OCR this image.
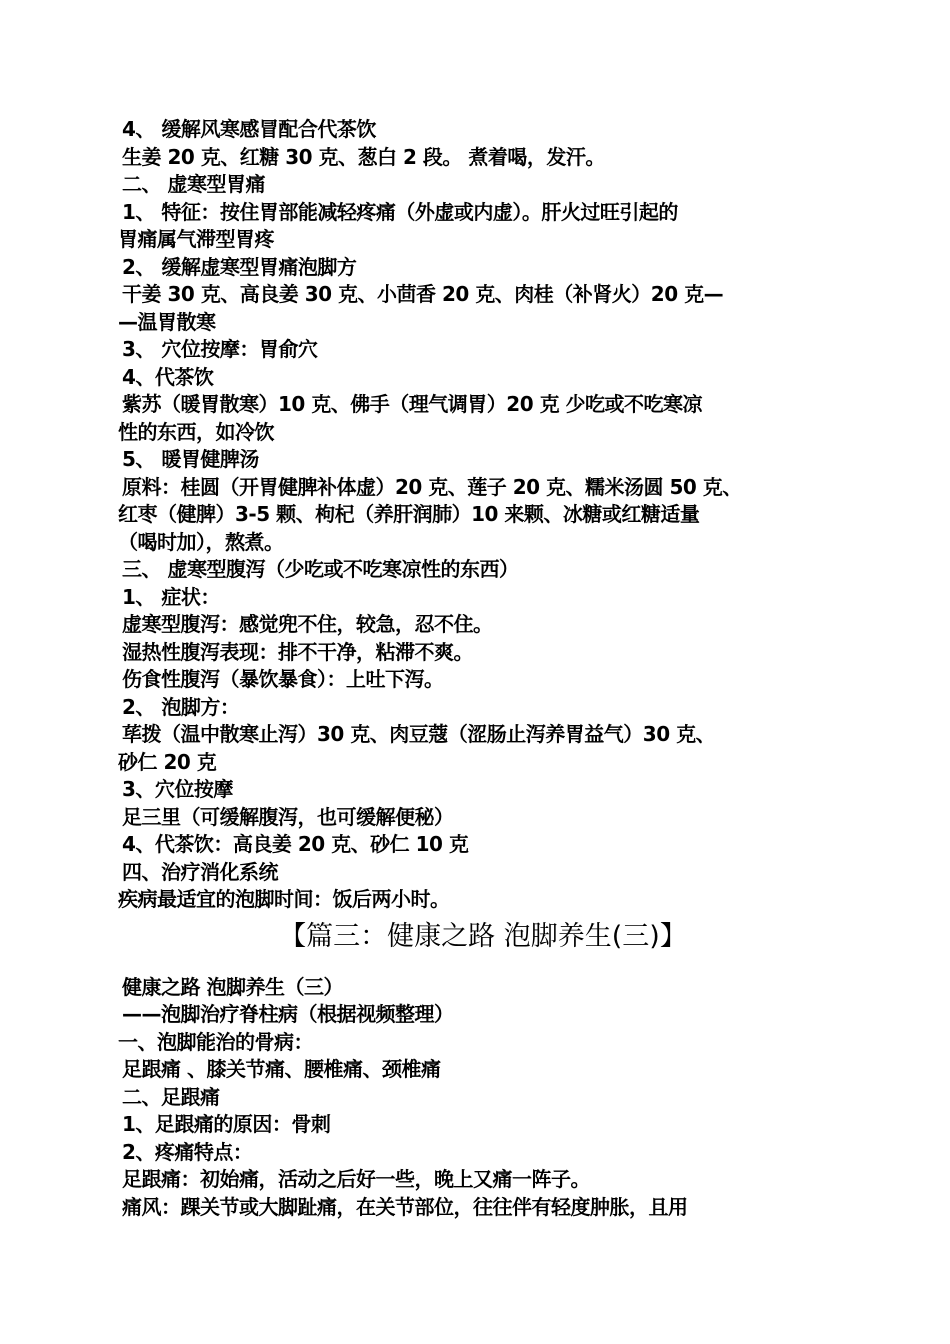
4、 缓解风寒感冒配合代茶饮
生姜 20 克、红糖 30 克、葱白 2 段。 煮着喝，发汗。
二、 虚寒型胃痛
1、 特征：按住胃部能减轻疼痛（外虚或内虚）。肝火过旺引起的
胃痛属气滞型胃疼
2、 缓解虚寒型胃痛泡脚方
干姜 30 克、高良姜 30 克、小茴香 20 克、肉桂（补肾火）20 克—
—温胃散寒
3、 穴位按摩：胃俞穴
4、代茶饮
紫苏（暖胃散寒）10 克、佛手（理气调胃）20 克 少吃或不吃寒凉
性的东西，如冷饮
5、 暖胃健脾汤
原料：桂圆（开胃健脾补体虚）20 克、莲子 20 克、糯米汤圆 50 克、
红枣（健脾）3-5 颗、枸杞（养肝润肺）10 来颗、冰糖或红糖适量
（喝时加），熬煮。
三、 虚寒型腹泻（少吃或不吃寒凉性的东西）
1、 症状：
虚寒型腹泻：感觉兜不住，较急，忍不住。
湿热性腹泻表现：排不干净，粘滞不爽。
伤食性腹泻（暴饮暴食）：上吐下泻。
2、 泡脚方：
荜拨（温中散寒止泻）30 克、肉豆蔻（涩肠止泻养胃益气）30 克、
砂仁 20 克
3、穴位按摩
足三里（可缓解腹泻，也可缓解便秘）
4、代茶饮：高良姜 20 克、砂仁 10 克
四、治疗消化系统
疾病最适宜的泡脚时间：饭后两小时。
【篇三：健康之路 泡脚养生(三)】
健康之路 泡脚养生（三）
——泡脚治疗脊柱病（根据视频整理）
一、泡脚能治的骨病：
足跟痛 、膝关节痛、腰椎痛、颈椎痛
二、足跟痛
1、足跟痛的原因：骨刺
2、疼痛特点：
足跟痛：初始痛，活动之后好一些，晚上又痛一阵子。
痛风：踝关节或大脚趾痛，在关节部位，往往伴有轻度肿胀，且用
